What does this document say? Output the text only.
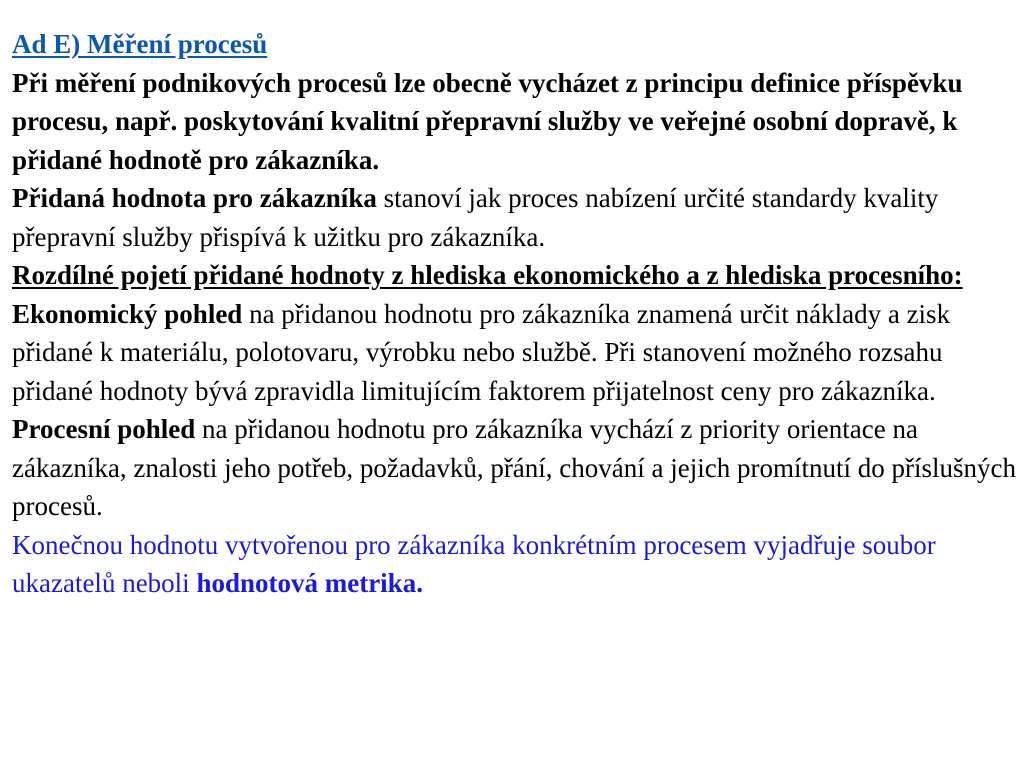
Ad E) Měření procesů

Při měření podnikových procesů lze obecně vycházet z principu definice příspěvku procesu, např. poskytování kvalitní přepravní služby ve veřejné osobní dopravě, k přidané hodnotě pro zákazníka.

Přidaná hodnota pro zákazníka stanoví jak proces nabízení určité standardy kvality přepravní služby přispívá k užitku pro zákazníka.

Rozdílné pojetí přidané hodnoty z hlediska ekonomického a z hlediska procesního:

Ekonomický pohled na přidanou hodnotu pro zákazníka znamená určit náklady a zisk přidané k materiálu, polotovaru, výrobku nebo službě. Při stanovení možného rozsahu přidané hodnoty bývá zpravidla limitujícím faktorem přijatelnost ceny pro zákazníka.

Procesní pohled na přidanou hodnotu pro zákazníka vychází z priority orientace na zákazníka, znalosti jeho potřeb, požadavků, přání, chování a jejich promítnutí do příslušných procesů.

Konečnou hodnotu vytvořenou pro zákazníka konkrétním procesem vyjadřuje soubor ukazatelů neboli hodnotová metrika.
